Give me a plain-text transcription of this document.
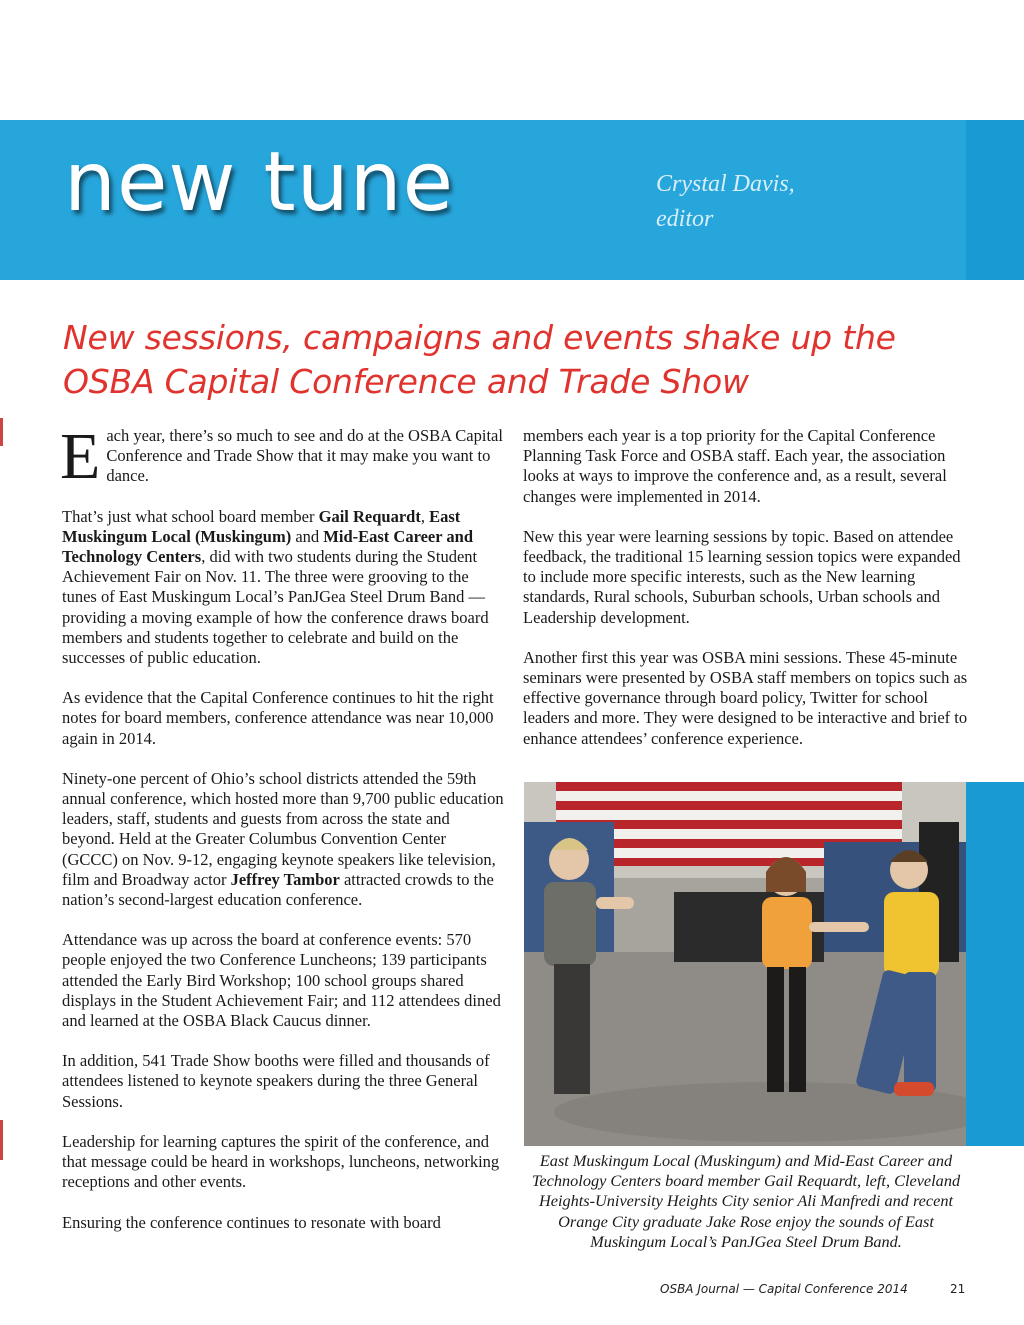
new tune	Crystal Davis,
editor
New sessions, campaigns and events shake up the
OSBA Capital Conference and Trade Show

Each year, there’s so much to see and do at the OSBA Capital Conference and Trade Show that it may make you want to dance.

That’s just what school board member Gail Requardt, East Muskingum Local (Muskingum) and Mid-East Career and Technology Centers, did with two students during the Student Achievement Fair on Nov. 11. The three were grooving to the tunes of East Muskingum Local’s PanJGea Steel Drum Band — providing a moving example of how the conference draws board members and students together to celebrate and build on the successes of public education.

As evidence that the Capital Conference continues to hit the right notes for board members, conference attendance was near 10,000 again in 2014.

Ninety-one percent of Ohio’s school districts attended the 59th annual conference, which hosted more than 9,700 public education leaders, staff, students and guests from across the state and beyond. Held at the Greater Columbus Convention Center (GCCC) on Nov. 9-12, engaging keynote speakers like television, film and Broadway actor Jeffrey Tambor attracted crowds to the nation’s second-largest education conference.

Attendance was up across the board at conference events: 570 people enjoyed the two Conference Luncheons; 139 participants attended the Early Bird Workshop; 100 school groups shared displays in the Student Achievement Fair; and 112 attendees dined and learned at the OSBA Black Caucus dinner.

In addition, 541 Trade Show booths were filled and thousands of attendees listened to keynote speakers during the three General Sessions.

Leadership for learning captures the spirit of the conference, and that message could be heard in workshops, luncheons, networking receptions and other events.

Ensuring the conference continues to resonate with board

members each year is a top priority for the Capital Conference Planning Task Force and OSBA staff. Each year, the association looks at ways to improve the conference and, as a result, several changes were implemented in 2014.

New this year were learning sessions by topic. Based on attendee feedback, the traditional 15 learning session topics were expanded to include more specific interests, such as the New learning standards, Rural schools, Suburban schools, Urban schools and Leadership development.

Another first this year was OSBA mini sessions. These 45-minute seminars were presented by OSBA staff members on topics such as effective governance through board policy, Twitter for school leaders and more. They were designed to be interactive and brief to enhance attendees’ conference experience.

East Muskingum Local (Muskingum) and Mid-East Career and Technology Centers board member Gail Requardt, left, Cleveland Heights-University Heights City senior Ali Manfredi and recent Orange City graduate Jake Rose enjoy the sounds of East Muskingum Local’s PanJGea Steel Drum Band.
OSBA Journal — Capital Conference 2014	21
